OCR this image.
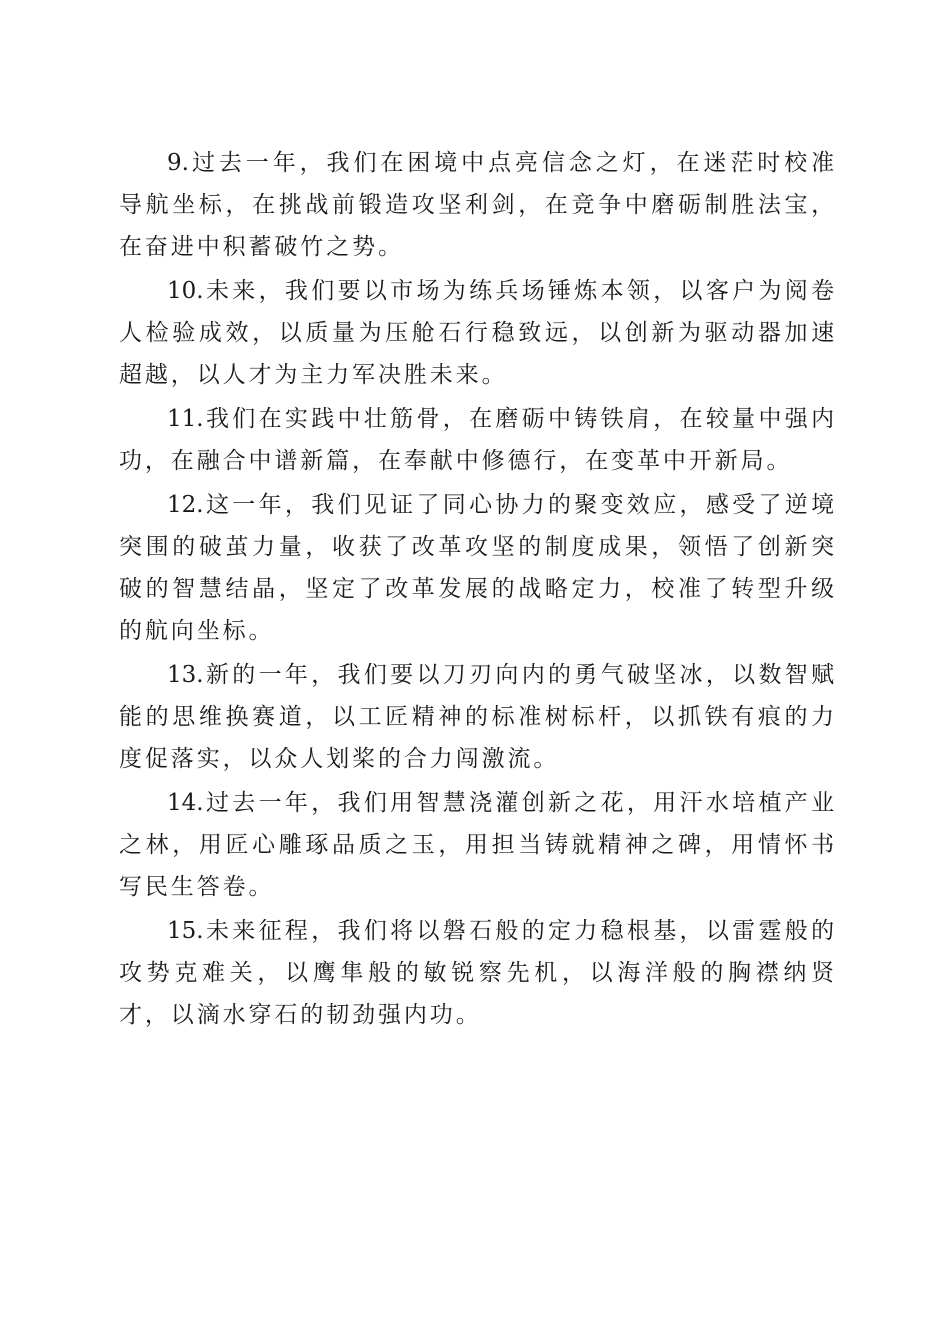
9.过去一年，我们在困境中点亮信念之灯，在迷茫时校准导航坐标，在挑战前锻造攻坚利剑，在竞争中磨砺制胜法宝，在奋进中积蓄破竹之势。

10.未来，我们要以市场为练兵场锤炼本领，以客户为阅卷人检验成效，以质量为压舱石行稳致远，以创新为驱动器加速超越，以人才为主力军决胜未来。

11.我们在实践中壮筋骨，在磨砺中铸铁肩，在较量中强内功，在融合中谱新篇，在奉献中修德行，在变革中开新局。

12.这一年，我们见证了同心协力的聚变效应，感受了逆境突围的破茧力量，收获了改革攻坚的制度成果，领悟了创新突破的智慧结晶，坚定了改革发展的战略定力，校准了转型升级的航向坐标。

13.新的一年，我们要以刀刃向内的勇气破坚冰，以数智赋能的思维换赛道，以工匠精神的标准树标杆，以抓铁有痕的力度促落实，以众人划桨的合力闯激流。

14.过去一年，我们用智慧浇灌创新之花，用汗水培植产业之林，用匠心雕琢品质之玉，用担当铸就精神之碑，用情怀书写民生答卷。

15.未来征程，我们将以磐石般的定力稳根基，以雷霆般的攻势克难关，以鹰隼般的敏锐察先机，以海洋般的胸襟纳贤才，以滴水穿石的韧劲强内功。
